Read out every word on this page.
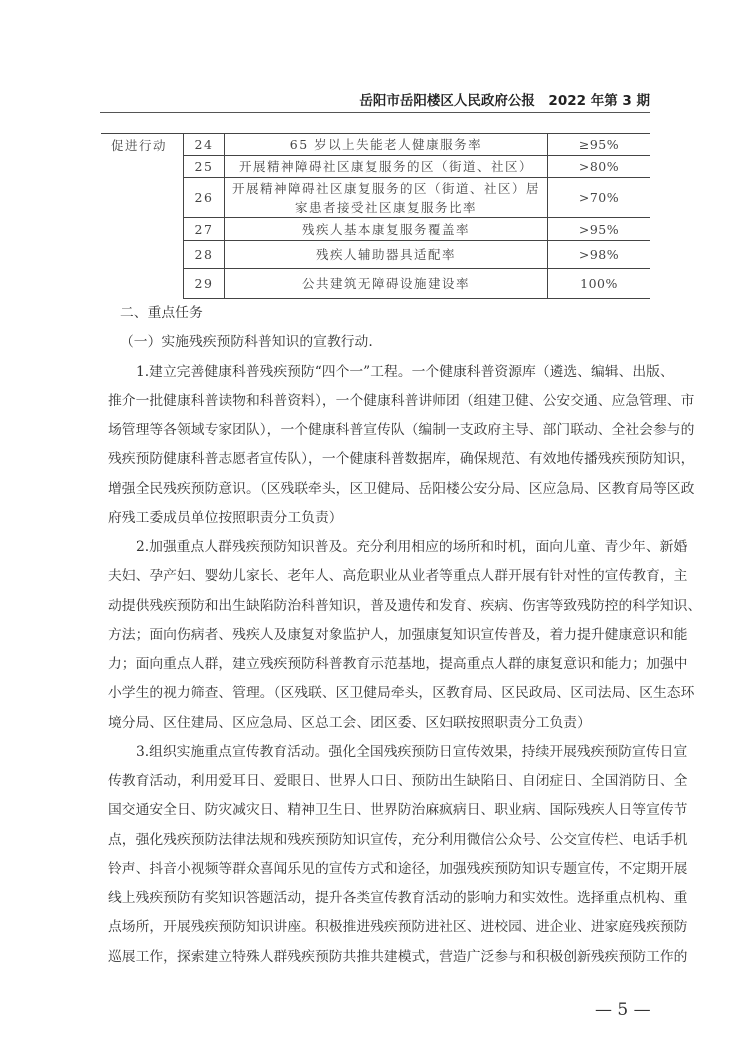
岳阳市岳阳楼区人民政府公报　2022 年第 3 期
促进行动	24	65 岁以上失能老人健康服务率	≥95%
	25	开展精神障碍社区康复服务的区（街道、社区）	>80%
	26	开展精神障碍社区康复服务的区（街道、社区）居家患者接受社区康复服务比率	>70%
	27	残疾人基本康复服务覆盖率	>95%
	28	残疾人辅助器具适配率	>98%
	29	公共建筑无障碍设施建设率	100%
二、重点任务
（一）实施残疾预防科普知识的宣教行动.
1.建立完善健康科普残疾预防“四个一”工程。一个健康科普资源库（遴选、编辑、出版、
推介一批健康科普读物和科普资料），一个健康科普讲师团（组建卫健、公安交通、应急管理、市
场管理等各领域专家团队），一个健康科普宣传队（编制一支政府主导、部门联动、全社会参与的
残疾预防健康科普志愿者宣传队），一个健康科普数据库，确保规范、有效地传播残疾预防知识，
增强全民残疾预防意识。（区残联牵头，区卫健局、岳阳楼公安分局、区应急局、区教育局等区政
府残工委成员单位按照职责分工负责）
2.加强重点人群残疾预防知识普及。充分利用相应的场所和时机，面向儿童、青少年、新婚
夫妇、孕产妇、婴幼儿家长、老年人、高危职业从业者等重点人群开展有针对性的宣传教育，主
动提供残疾预防和出生缺陷防治科普知识，普及遗传和发育、疾病、伤害等致残防控的科学知识、
方法；面向伤病者、残疾人及康复对象监护人，加强康复知识宣传普及，着力提升健康意识和能
力；面向重点人群，建立残疾预防科普教育示范基地，提高重点人群的康复意识和能力；加强中
小学生的视力筛查、管理。（区残联、区卫健局牵头，区教育局、区民政局、区司法局、区生态环
境分局、区住建局、区应急局、区总工会、团区委、区妇联按照职责分工负责）
3.组织实施重点宣传教育活动。强化全国残疾预防日宣传效果，持续开展残疾预防宣传日宣
传教育活动，利用爱耳日、爱眼日、世界人口日、预防出生缺陷日、自闭症日、全国消防日、全
国交通安全日、防灾减灾日、精神卫生日、世界防治麻疯病日、职业病、国际残疾人日等宣传节
点，强化残疾预防法律法规和残疾预防知识宣传，充分利用微信公众号、公交宣传栏、电话手机
铃声、抖音小视频等群众喜闻乐见的宣传方式和途径，加强残疾预防知识专题宣传，不定期开展
线上残疾预防有奖知识答题活动，提升各类宣传教育活动的影响力和实效性。选择重点机构、重
点场所，开展残疾预防知识讲座。积极推进残疾预防进社区、进校园、进企业、进家庭残疾预防
巡展工作，探索建立特殊人群残疾预防共推共建模式，营造广泛参与和积极创新残疾预防工作的
— 5 —
